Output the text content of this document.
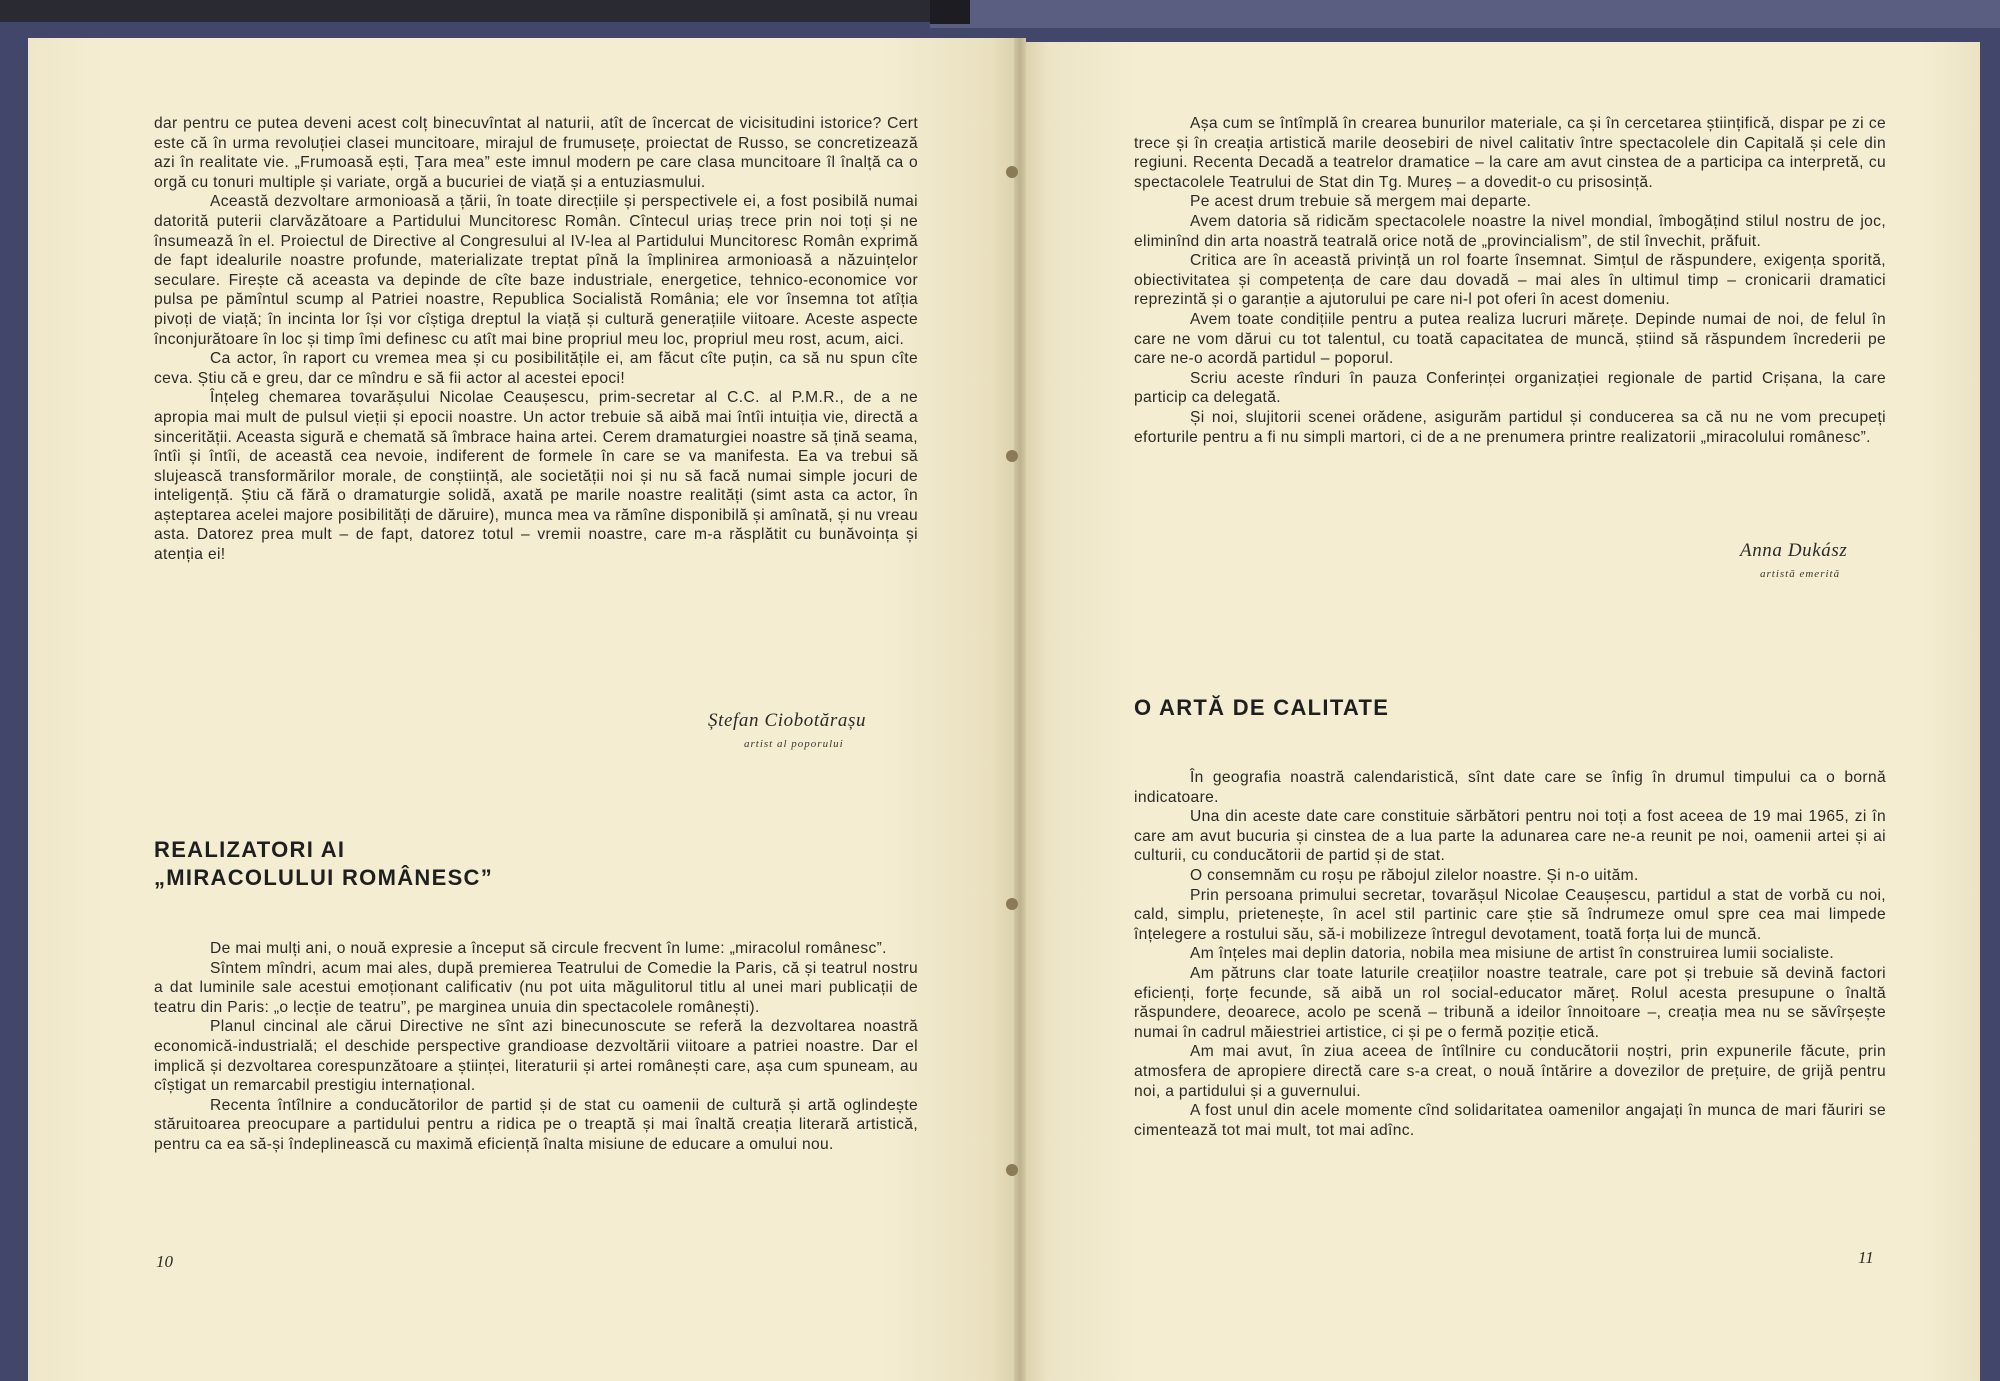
dar pentru ce putea deveni acest colț binecuvîntat al naturii, atît de încercat de vicisitudini istorice? Cert este că în urma revoluției clasei muncitoare, mirajul de frumusețe, proiectat de Russo, se concretizează azi în realitate vie. „Frumoasă ești, Țara mea” este imnul modern pe care clasa muncitoare îl înalță ca o orgă cu tonuri multiple și variate, orgă a bucuriei de viață și a entuziasmului.

Această dezvoltare armonioasă a țării, în toate direcțiile și perspectivele ei, a fost posibilă numai datorită puterii clarvăzătoare a Partidului Muncitoresc Român. Cîntecul uriaș trece prin noi toți și ne însumează în el. Proiectul de Directive al Congresului al IV-lea al Partidului Muncitoresc Român exprimă de fapt idealurile noastre profunde, materializate treptat pînă la împlinirea armonioasă a năzuințelor seculare. Firește că aceasta va depinde de cîte baze industriale, energetice, tehnico-economice vor pulsa pe pămîntul scump al Patriei noastre, Republica Socialistă România; ele vor însemna tot atîția pivoți de viață; în incinta lor își vor cîștiga dreptul la viață și cultură generațiile viitoare. Aceste aspecte înconjurătoare în loc și timp îmi definesc cu atît mai bine propriul meu loc, propriul meu rost, acum, aici.

Ca actor, în raport cu vremea mea și cu posibilitățile ei, am făcut cîte puțin, ca să nu spun cîte ceva. Știu că e greu, dar ce mîndru e să fii actor al acestei epoci!

Înțeleg chemarea tovarășului Nicolae Ceaușescu, prim-secretar al C.C. al P.M.R., de a ne apropia mai mult de pulsul vieții și epocii noastre. Un actor trebuie să aibă mai întîi intuiția vie, directă a sincerității. Aceasta sigură e chemată să îmbrace haina artei. Cerem dramaturgiei noastre să țină seama, întîi și întîi, de această cea nevoie, indiferent de formele în care se va manifesta. Ea va trebui să slujească transformărilor morale, de conștiință, ale societății noi și nu să facă numai simple jocuri de inteligență. Știu că fără o dramaturgie solidă, axată pe marile noastre realități (simt asta ca actor, în așteptarea acelei majore posibilități de dăruire), munca mea va rămîne disponibilă și amînată, și nu vreau asta. Datorez prea mult – de fapt, datorez totul – vremii noastre, care m-a răsplătit cu bunăvoința și atenția ei!

Ștefan Ciobotărașu
artist al poporului
REALIZATORI AI
„MIRACOLULUI ROMÂNESC”

De mai mulți ani, o nouă expresie a început să circule frecvent în lume: „miracolul românesc”.

Sîntem mîndri, acum mai ales, după premierea Teatrului de Comedie la Paris, că și teatrul nostru a dat luminile sale acestui emoționant calificativ (nu pot uita măgulitorul titlu al unei mari publicații de teatru din Paris: „o lecție de teatru”, pe marginea unuia din spectacolele românești).

Planul cincinal ale cărui Directive ne sînt azi binecunoscute se referă la dezvoltarea noastră economică-industrială; el deschide perspective grandioase dezvoltării viitoare a patriei noastre. Dar el implică și dezvoltarea corespunzătoare a științei, literaturii și artei românești care, așa cum spuneam, au cîștigat un remarcabil prestigiu internațional.

Recenta întîlnire a conducătorilor de partid și de stat cu oamenii de cultură și artă oglindește stăruitoarea preocupare a partidului pentru a ridica pe o treaptă și mai înaltă creația literară artistică, pentru ca ea să-și îndeplinească cu maximă eficiență înalta misiune de educare a omului nou.

10

Așa cum se întîmplă în crearea bunurilor materiale, ca și în cercetarea științifică, dispar pe zi ce trece și în creația artistică marile deosebiri de nivel calitativ între spectacolele din Capitală și cele din regiuni. Recenta Decadă a teatrelor dramatice – la care am avut cinstea de a participa ca interpretă, cu spectacolele Teatrului de Stat din Tg. Mureș – a dovedit-o cu prisosință.

Pe acest drum trebuie să mergem mai departe.

Avem datoria să ridicăm spectacolele noastre la nivel mondial, îmbogățind stilul nostru de joc, eliminînd din arta noastră teatrală orice notă de „provincialism”, de stil învechit, prăfuit.

Critica are în această privință un rol foarte însemnat. Simțul de răspundere, exigența sporită, obiectivitatea și competența de care dau dovadă – mai ales în ultimul timp – cronicarii dramatici reprezintă și o garanție a ajutorului pe care ni-l pot oferi în acest domeniu.

Avem toate condițiile pentru a putea realiza lucruri mărețe. Depinde numai de noi, de felul în care ne vom dărui cu tot talentul, cu toată capacitatea de muncă, știind să răspundem încrederii pe care ne-o acordă partidul – poporul.

Scriu aceste rînduri în pauza Conferinței organizației regionale de partid Crișana, la care particip ca delegată.

Și noi, slujitorii scenei orădene, asigurăm partidul și conducerea sa că nu ne vom precupeți eforturile pentru a fi nu simpli martori, ci de a ne prenumera printre realizatorii „miracolului românesc”.

Anna Dukász
artistă emerită
O ARTĂ DE CALITATE

În geografia noastră calendaristică, sînt date care se înfig în drumul timpului ca o bornă indicatoare.

Una din aceste date care constituie sărbători pentru noi toți a fost aceea de 19 mai 1965, zi în care am avut bucuria și cinstea de a lua parte la adunarea care ne-a reunit pe noi, oamenii artei și ai culturii, cu conducătorii de partid și de stat.

O consemnăm cu roșu pe răbojul zilelor noastre. Și n-o uităm.

Prin persoana primului secretar, tovarășul Nicolae Ceaușescu, partidul a stat de vorbă cu noi, cald, simplu, prietenește, în acel stil partinic care știe să îndrumeze omul spre cea mai limpede înțelegere a rostului său, să-i mobilizeze întregul devotament, toată forța lui de muncă.

Am înțeles mai deplin datoria, nobila mea misiune de artist în construirea lumii socialiste.

Am pătruns clar toate laturile creațiilor noastre teatrale, care pot și trebuie să devină factori eficienți, forțe fecunde, să aibă un rol social-educator măreț. Rolul acesta presupune o înaltă răspundere, deoarece, acolo pe scenă – tribună a ideilor înnoitoare –, creația mea nu se săvîrșește numai în cadrul măiestriei artistice, ci și pe o fermă poziție etică.

Am mai avut, în ziua aceea de întîlnire cu conducătorii noștri, prin expunerile făcute, prin atmosfera de apropiere directă care s-a creat, o nouă întărire a dovezilor de prețuire, de grijă pentru noi, a partidului și a guvernului.

A fost unul din acele momente cînd solidaritatea oamenilor angajați în munca de mari făuriri se cimentează tot mai mult, tot mai adînc.

11
